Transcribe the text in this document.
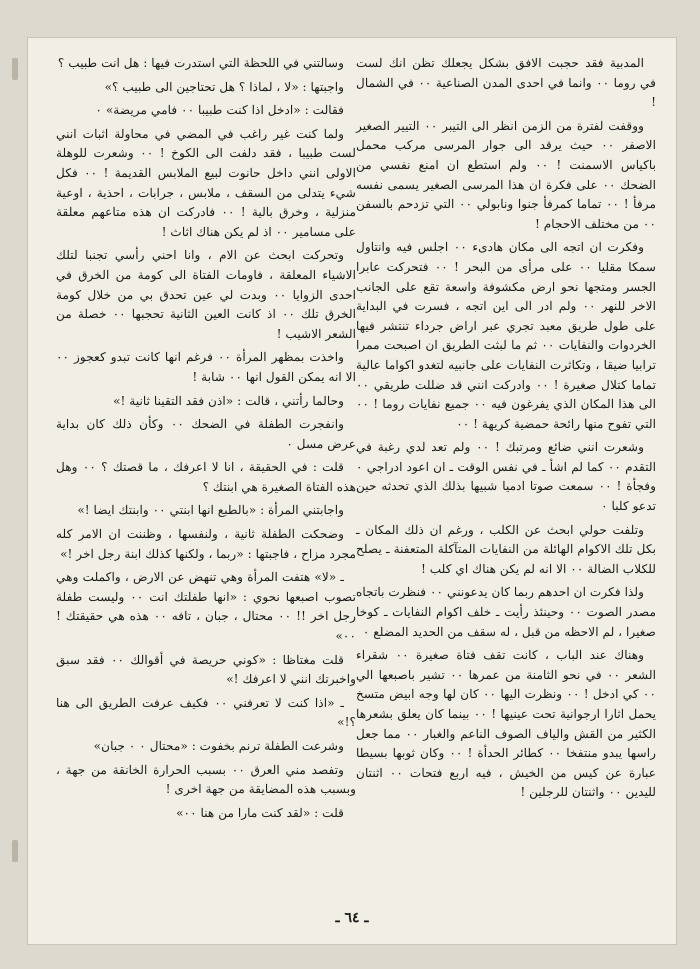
المدبية فقد حجبت الافق بشكل يجعلك تظن انك لست في روما ٠٠ وانما في احدى المدن الصناعية ٠٠ في الشمال !

ووقفت لفترة من الزمن انظر الى التيبر ٠٠ التيير الصغير الاصفر ٠٠ حيث يرقد الى جوار المرسى مركب محمل باكياس الاسمنت ! ٠٠ ولم استطع ان امنع نفسي من الضحك ٠٠ على فكرة ان هذا المرسى الصغير يسمى نفسه مرفأ ! ٠٠ تماما كمرفأ جنوا ونابولي ٠٠ التي تزدحم بالسفن ٠٠ من مختلف الاحجام !

وفكرت ان اتجه الى مكان هادىء ٠٠ اجلس فيه وانتاول سمكا مقليا ٠٠ على مرأى من البحر ! ٠٠ فتحركت عابرا الجسر ومتجها نحو ارض مكشوفة واسعة تقع على الجانب الاخر للنهر ٠٠ ولم ادر الى اين اتجه ، فسرت في البداية على طول طريق معبد تجري عبر اراض جرداء تنتشر فيها الخردوات والنفايات ٠٠ ثم ما لبثت الطريق ان اصبحت ممرا ترابيا ضيقا ، وتكاثرت النفايات على جانبيه لتغدو اكواما عالية تماما كتلال صغيرة ! ٠٠ وادركت انني قد ضللت طريقي ٠٠ الى هذا المكان الذي يفرغون فيه ٠٠ جميع نفايات روما ! ٠٠ التي تفوح منها رائحة حمضية كريهة ! ٠٠

وشعرت انني ضائع ومرتبك ! ٠٠ ولم تعد لدي رغبة في التقدم ٠٠ كما لم اشأ ـ في نفس الوقت ـ ان اعود ادراجي ٠ وفجأة ! ٠٠ سمعت صوتا ادميا شبيها بذلك الذي تحدثه حين تدعو كلبا ٠

وتلفت حولي ابحث عن الكلب ، ورغم ان ذلك المكان ـ بكل تلك الاكوام الهائلة من النفايات المتآكلة المتعفنة ـ يصلح للكلاب الضالة ٠٠ الا انه لم يكن هناك اي كلب !

ولذا فكرت ان احدهم ربما كان يدعونني ٠٠ فنظرت باتجاه مصدر الصوت ٠٠ وحينئذ رأيت ـ خلف اكوام النفايات ـ كوخا صغيرا ، لم الاحظه من قبل ، له سقف من الحديد المضلع ٠

وهناك عند الباب ، كانت تقف فتاة صغيرة ٠٠ شقراء الشعر ٠٠ في نحو الثامنة من عمرها ٠٠ تشير باصبعها الي ٠٠ كي ادخل ! ٠٠ ونظرت اليها ٠٠ كان لها وجه ابيض متسخ يحمل اثارا ارجوانية تحت عينيها ! ٠٠ بينما كان يعلق بشعرها الكثير من القش والياف الصوف الناعم والغبار ٠٠ مما جعل راسها يبدو منتفخا ٠٠ كطائر الحدأة ! ٠٠ وكان ثوبها بسيطا عبارة عن كيس من الخيش ، فيه اربع فتحات ٠٠ اثنتان لليدين ٠٠ واثنتان للرجلين !

وسالتني في اللحظة التي استدرت فيها : هل انت طبيب ؟

واجبتها : «لا ، لماذا ؟ هل تحتاجين الى طبيب ؟»

فقالت : «ادخل اذا كنت طبيبا ٠٠ فامي مريضة» ٠

ولما كنت غير راغب في المضي في محاولة اثبات انني لست طبيبا ، فقد دلفت الى الكوخ ! ٠٠ وشعرت للوهلة الاولى انني داخل حانوت لبيع الملابس القديمة ! ٠٠ فكل شيء يتدلى من السقف ، ملابس ، جرابات ، احذية ، اوعية منزلية ، وخرق بالية ! ٠٠ فادركت ان هذه متاعهم معلقة على مسامير ٠٠ اذ لم يكن هناك اثاث !

وتحركت ابحث عن الام ، وانا احني رأسي تجنبا لتلك الاشياء المعلقة ، فاومات الفتاة الى كومة من الخرق في احدى الزوايا ٠٠ وبدت لي عين تحدق بي من خلال كومة الخرق تلك ٠٠ اذ كانت العين الثانية تحجبها ٠٠ خصلة من الشعر الاشيب !

واخذت بمظهر المرأة ٠٠ فرغم انها كانت تبدو كعجوز ٠٠ الا انه يمكن القول انها ٠٠ شابة !

وحالما رأتني ، قالت : «اذن فقد التقينا ثانية !»

وانفجرت الطفلة في الضحك ٠٠ وكأن ذلك كان بداية عرض مسل ٠

قلت : في الحقيقة ، انا لا اعرفك ، ما قصتك ؟ ٠٠ وهل هذه الفتاة الصغيرة هي ابنتك ؟

واجابتني المرأة : «بالطبع انها ابنتي ٠٠ وابنتك ايضا !»

وضحكت الطفلة ثانية ، ولنفسها ، وظننت ان الامر كله مجرد مزاح ، فاجبتها : «ربما ، ولكنها كذلك ابنة رجل اخر !»

ـ «لا» هتفت المرأة وهي تنهض عن الارض ، واكملت وهي تصوب اصبعها نحوي : «انها طفلتك انت ٠٠ وليست طفلة رجل اخر !! ٠٠ محتال ، جبان ، تافه ٠٠ هذه هي حقيقتك ! ٠٠»

قلت مغتاظا : «كوني حريصة في أقوالك ٠٠ فقد سبق واخبرتك انني لا اعرفك !»

ـ «اذا كنت لا تعرفني ٠٠ فكيف عرفت الطريق الى هنا ؟!»

وشرعت الطفلة ترنم بخفوت : «محتال ٠ ٠ جبان»

وتفصد مني العرق ٠٠ بسبب الحرارة الخانقة من جهة ، وبسبب هذه المضايقة من جهة اخرى !

قلت : «لقد كنت مارا من هنا ٠٠»

ـ ٦٤ ـ
